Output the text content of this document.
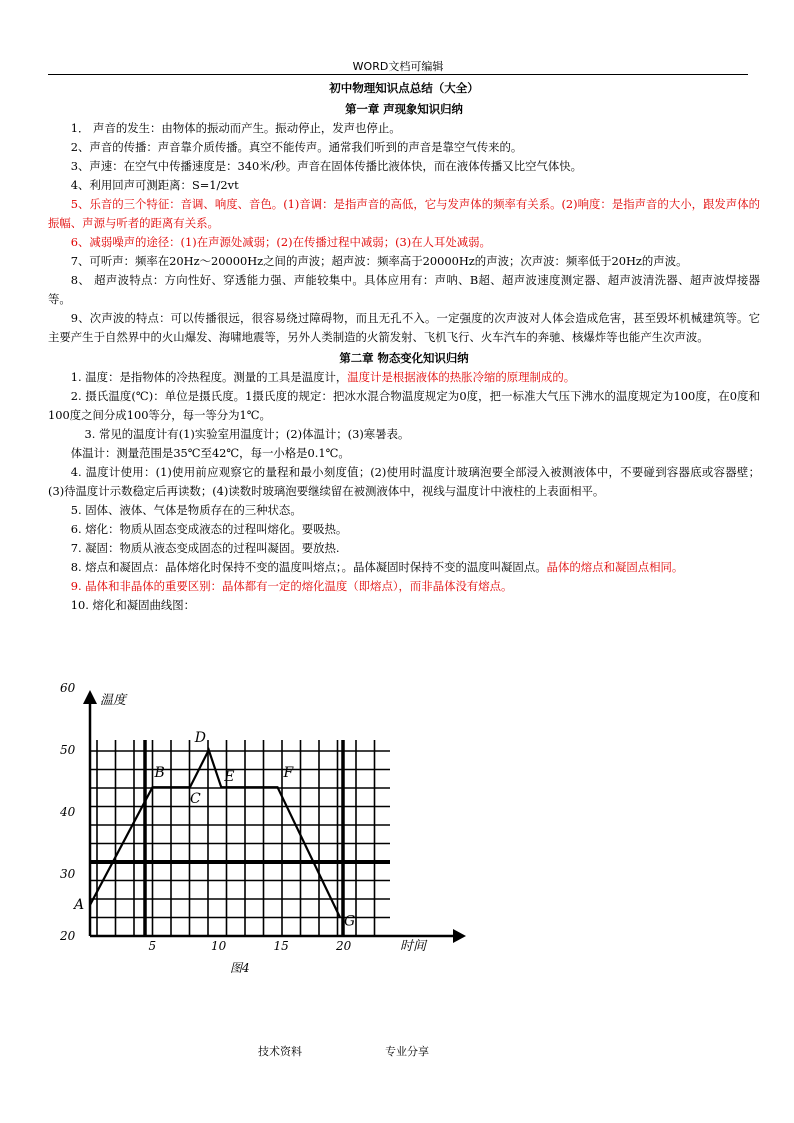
WORD文档可编辑
初中物理知识点总结（大全）
第一章 声现象知识归纳

1． 声音的发生：由物体的振动而产生。振动停止，发声也停止。

2、声音的传播：声音靠介质传播。真空不能传声。通常我们听到的声音是靠空气传来的。

3、声速：在空气中传播速度是：340米/秒。声音在固体传播比液体快，而在液体传播又比空气体快。

4、利用回声可测距离：S=1/2vt

5、乐音的三个特征：音调、响度、音色。(1)音调：是指声音的高低，它与发声体的频率有关系。(2)响度：是指声音的大小，跟发声体的振幅、声源与听者的距离有关系。

6、减弱噪声的途径：(1)在声源处减弱；(2)在传播过程中减弱；(3)在人耳处减弱。

7、可听声：频率在20Hz～20000Hz之间的声波；超声波：频率高于20000Hz的声波；次声波：频率低于20Hz的声波。

8、 超声波特点：方向性好、穿透能力强、声能较集中。具体应用有：声呐、B超、超声波速度测定器、超声波清洗器、超声波焊接器等。

9、次声波的特点：可以传播很远，很容易绕过障碍物，而且无孔不入。一定强度的次声波对人体会造成危害，甚至毁坏机械建筑等。它主要产生于自然界中的火山爆发、海啸地震等，另外人类制造的火箭发射、飞机飞行、火车汽车的奔驰、核爆炸等也能产生次声波。

第二章 物态变化知识归纳

1. 温度：是指物体的冷热程度。测量的工具是温度计，温度计是根据液体的热胀冷缩的原理制成的。

2. 摄氏温度(℃)：单位是摄氏度。1摄氏度的规定：把冰水混合物温度规定为0度，把一标准大气压下沸水的温度规定为100度，在0度和100度之间分成100等分，每一等分为1℃。

3. 常见的温度计有(1)实验室用温度计；(2)体温计；(3)寒暑表。

体温计：测量范围是35℃至42℃，每一小格是0.1℃。

4. 温度计使用：(1)使用前应观察它的量程和最小刻度值；(2)使用时温度计玻璃泡要全部浸入被测液体中，不要碰到容器底或容器壁；(3)待温度计示数稳定后再读数；(4)读数时玻璃泡要继续留在被测液体中，视线与温度计中液柱的上表面相平。

5. 固体、液体、气体是物质存在的三种状态。

6. 熔化：物质从固态变成液态的过程叫熔化。要吸热。

7. 凝固：物质从液态变成固态的过程叫凝固。要放热.

8. 熔点和凝固点：晶体熔化时保持不变的温度叫熔点；。晶体凝固时保持不变的温度叫凝固点。晶体的熔点和凝固点相同。

9. 晶体和非晶体的重要区别：晶体都有一定的熔化温度（即熔点），而非晶体没有熔点。

10. 熔化和凝固曲线图：

20
30
40
50
60
5	10	15	20
温度
时间
图4
A
B
C
D
E	F
G
技术资料	专业分享
